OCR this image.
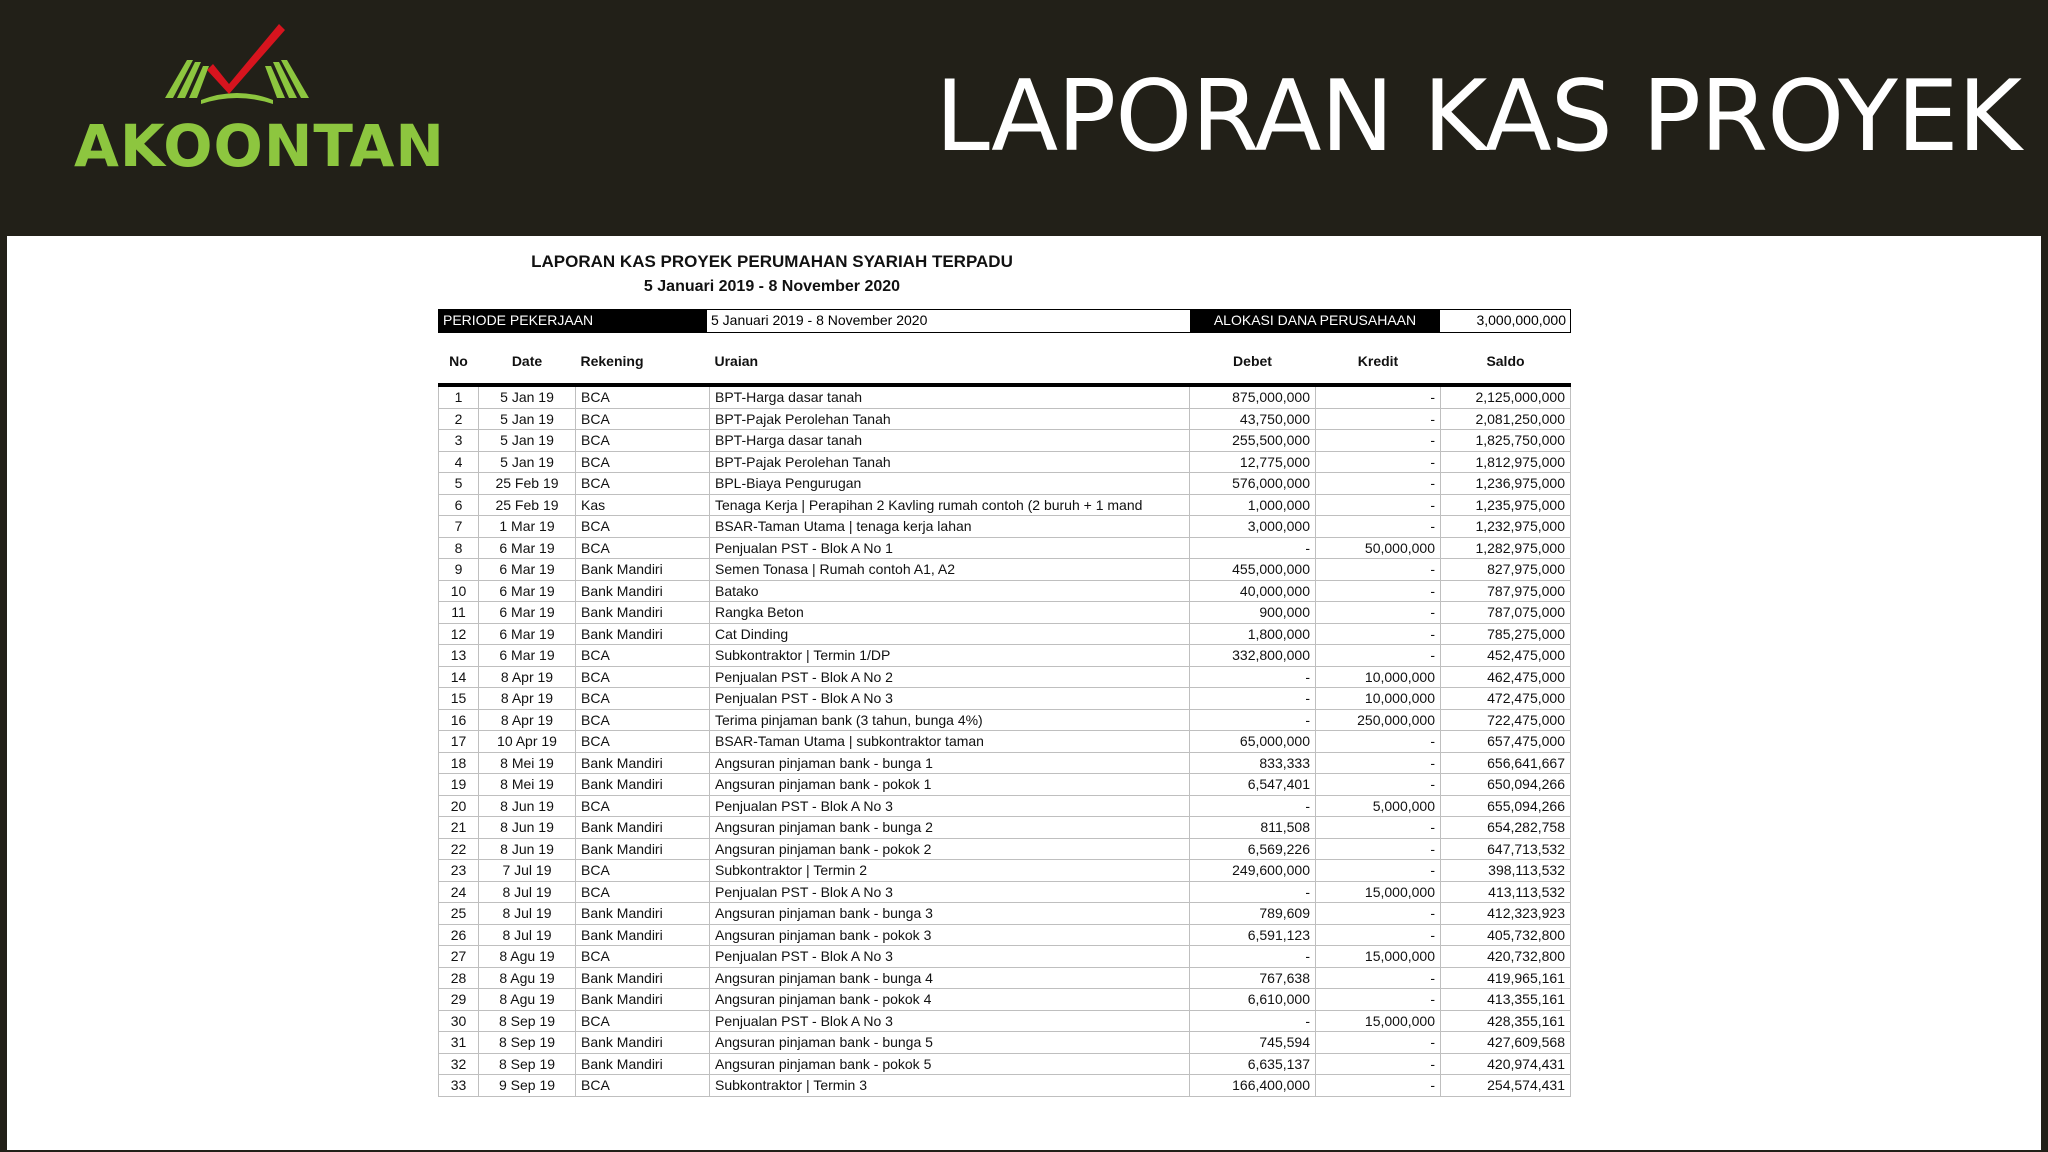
AKOONTAN	LAPORAN KAS PROYEK
LAPORAN KAS PROYEK PERUMAHAN SYARIAH TERPADU
5 Januari 2019 - 8 November 2020
PERIODE PEKERJAAN	5 Januari 2019 - 8 November 2020	ALOKASI DANA PERUSAHAAN	3,000,000,000
No	Date	Rekening	Uraian	Debet	Kredit	Saldo
1	5 Jan 19	BCA	BPT-Harga dasar tanah	875,000,000	-	2,125,000,000
2	5 Jan 19	BCA	BPT-Pajak Perolehan Tanah	43,750,000	-	2,081,250,000
3	5 Jan 19	BCA	BPT-Harga dasar tanah	255,500,000	-	1,825,750,000
4	5 Jan 19	BCA	BPT-Pajak Perolehan Tanah	12,775,000	-	1,812,975,000
5	25 Feb 19	BCA	BPL-Biaya Pengurugan	576,000,000	-	1,236,975,000
6	25 Feb 19	Kas	Tenaga Kerja | Perapihan 2 Kavling rumah contoh (2 buruh + 1 mand	1,000,000	-	1,235,975,000
7	1 Mar 19	BCA	BSAR-Taman Utama | tenaga kerja lahan	3,000,000	-	1,232,975,000
8	6 Mar 19	BCA	Penjualan PST - Blok A No 1	-	50,000,000	1,282,975,000
9	6 Mar 19	Bank Mandiri	Semen Tonasa | Rumah contoh A1, A2	455,000,000	-	827,975,000
10	6 Mar 19	Bank Mandiri	Batako	40,000,000	-	787,975,000
11	6 Mar 19	Bank Mandiri	Rangka Beton	900,000	-	787,075,000
12	6 Mar 19	Bank Mandiri	Cat Dinding	1,800,000	-	785,275,000
13	6 Mar 19	BCA	Subkontraktor | Termin 1/DP	332,800,000	-	452,475,000
14	8 Apr 19	BCA	Penjualan PST - Blok A No 2	-	10,000,000	462,475,000
15	8 Apr 19	BCA	Penjualan PST - Blok A No 3	-	10,000,000	472,475,000
16	8 Apr 19	BCA	Terima pinjaman bank (3 tahun, bunga 4%)	-	250,000,000	722,475,000
17	10 Apr 19	BCA	BSAR-Taman Utama | subkontraktor taman	65,000,000	-	657,475,000
18	8 Mei 19	Bank Mandiri	Angsuran pinjaman bank - bunga 1	833,333	-	656,641,667
19	8 Mei 19	Bank Mandiri	Angsuran pinjaman bank - pokok 1	6,547,401	-	650,094,266
20	8 Jun 19	BCA	Penjualan PST - Blok A No 3	-	5,000,000	655,094,266
21	8 Jun 19	Bank Mandiri	Angsuran pinjaman bank - bunga 2	811,508	-	654,282,758
22	8 Jun 19	Bank Mandiri	Angsuran pinjaman bank - pokok 2	6,569,226	-	647,713,532
23	7 Jul 19	BCA	Subkontraktor | Termin 2	249,600,000	-	398,113,532
24	8 Jul 19	BCA	Penjualan PST - Blok A No 3	-	15,000,000	413,113,532
25	8 Jul 19	Bank Mandiri	Angsuran pinjaman bank - bunga 3	789,609	-	412,323,923
26	8 Jul 19	Bank Mandiri	Angsuran pinjaman bank - pokok 3	6,591,123	-	405,732,800
27	8 Agu 19	BCA	Penjualan PST - Blok A No 3	-	15,000,000	420,732,800
28	8 Agu 19	Bank Mandiri	Angsuran pinjaman bank - bunga 4	767,638	-	419,965,161
29	8 Agu 19	Bank Mandiri	Angsuran pinjaman bank - pokok 4	6,610,000	-	413,355,161
30	8 Sep 19	BCA	Penjualan PST - Blok A No 3	-	15,000,000	428,355,161
31	8 Sep 19	Bank Mandiri	Angsuran pinjaman bank - bunga 5	745,594	-	427,609,568
32	8 Sep 19	Bank Mandiri	Angsuran pinjaman bank - pokok 5	6,635,137	-	420,974,431
33	9 Sep 19	BCA	Subkontraktor | Termin 3	166,400,000	-	254,574,431
